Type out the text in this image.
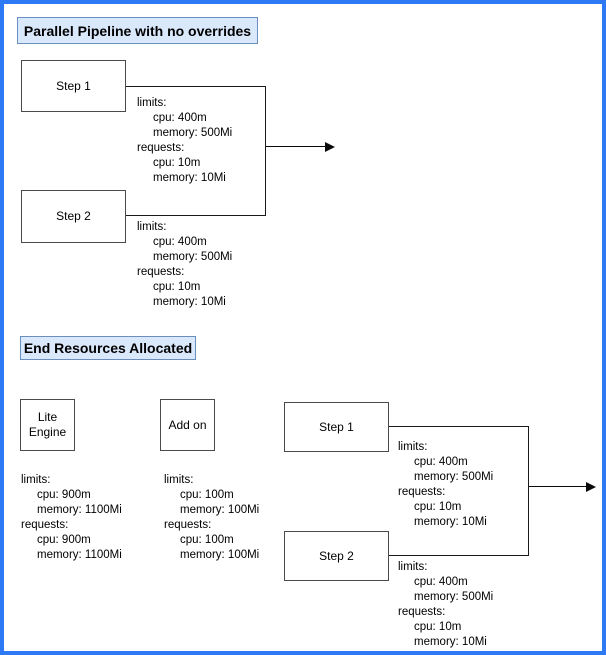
Parallel Pipeline with no overrides
Step 1
Step 2
limits:
cpu: 400m
memory: 500Mi
requests:
cpu: 10m
memory: 10Mi
limits:
cpu: 400m
memory: 500Mi
requests:
cpu: 10m
memory: 10Mi
End Resources Allocated
Lite
Engine
Add on	Step 1
Step 2
limits:
cpu: 900m
memory: 1100Mi
requests:
cpu: 900m
memory: 1100Mi
limits:
cpu: 100m
memory: 100Mi
requests:
cpu: 100m
memory: 100Mi
limits:
cpu: 400m
memory: 500Mi
requests:
cpu: 10m
memory: 10Mi
limits:
cpu: 400m
memory: 500Mi
requests:
cpu: 10m
memory: 10Mi
